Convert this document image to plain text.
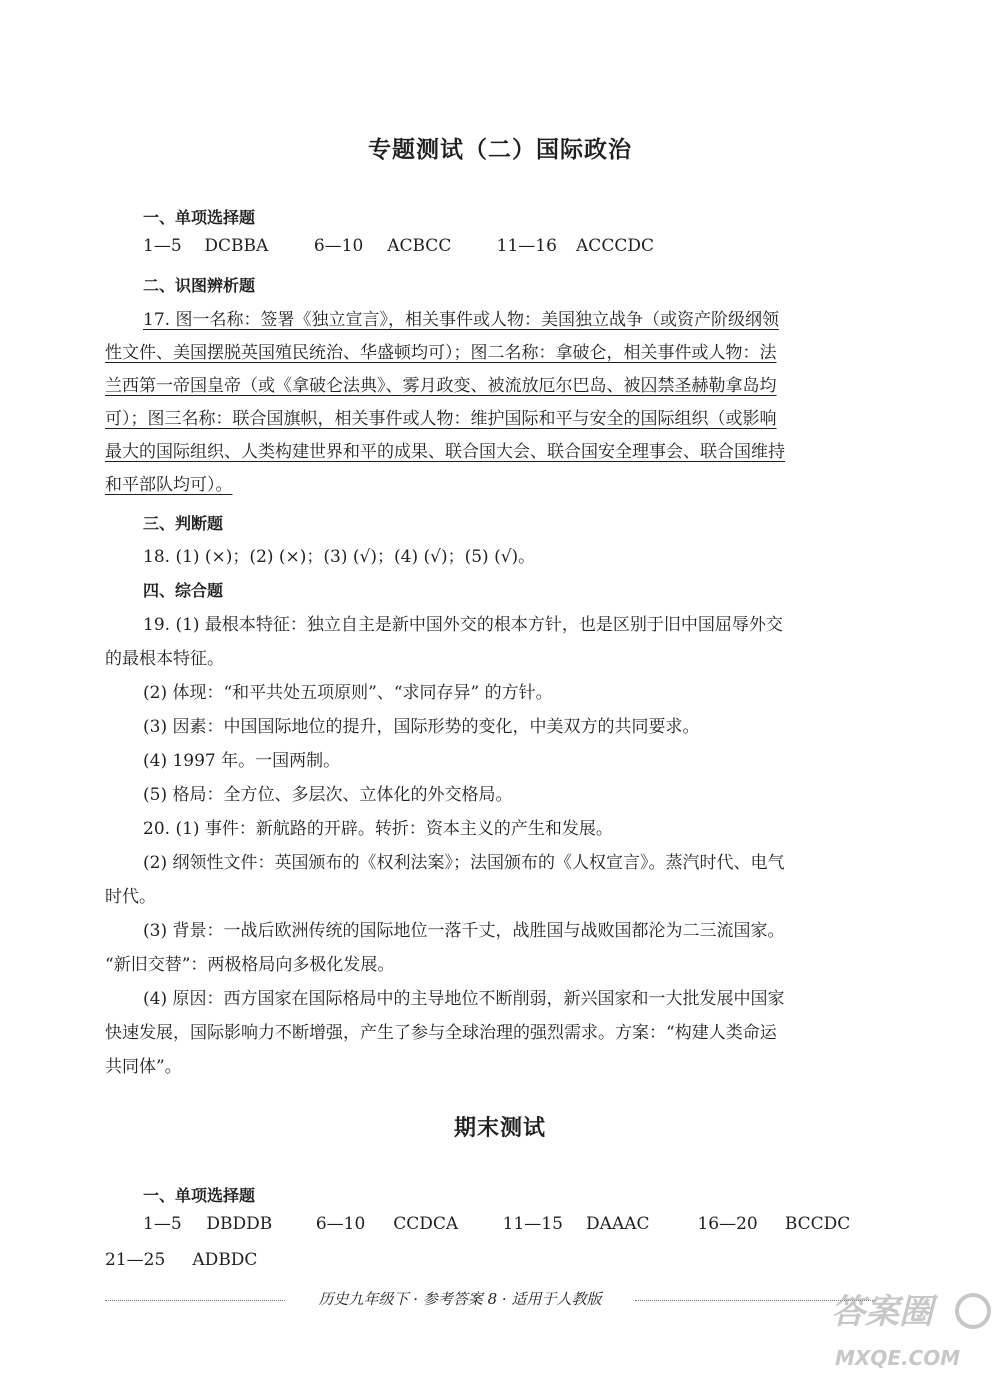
专题测试（二）国际政治
一、单项选择题
1—5 DCBBA	6—10 ACBCC	11—16 ACCCDC
二、识图辨析题
17. 图一名称：签署《独立宣言》，相关事件或人物：美国独立战争（或资产阶级纲领
性文件、美国摆脱英国殖民统治、华盛顿均可）；图二名称：拿破仑，相关事件或人物：法
兰西第一帝国皇帝（或《拿破仑法典》、雾月政变、被流放厄尔巴岛、被囚禁圣赫勒拿岛均
可）；图三名称：联合国旗帜，相关事件或人物：维护国际和平与安全的国际组织（或影响
最大的国际组织、人类构建世界和平的成果、联合国大会、联合国安全理事会、联合国维持
和平部队均可）。
三、判断题
18. (1) (×)；(2) (×)；(3) (√)；(4) (√)；(5) (√)。
四、综合题
19. (1) 最根本特征：独立自主是新中国外交的根本方针，也是区别于旧中国屈辱外交
的最根本特征。
(2) 体现：“和平共处五项原则”、“求同存异” 的方针。
(3) 因素：中国国际地位的提升，国际形势的变化，中美双方的共同要求。
(4) 1997 年。一国两制。
(5) 格局：全方位、多层次、立体化的外交格局。
20. (1) 事件：新航路的开辟。转折：资本主义的产生和发展。
(2) 纲领性文件：英国颁布的《权利法案》；法国颁布的《人权宣言》。蒸汽时代、电气
时代。
(3) 背景：一战后欧洲传统的国际地位一落千丈，战胜国与战败国都沦为二三流国家。
“新旧交替”：两极格局向多极化发展。
(4) 原因：西方国家在国际格局中的主导地位不断削弱，新兴国家和一大批发展中国家
快速发展，国际影响力不断增强，产生了参与全球治理的强烈需求。方案：“构建人类命运
共同体”。
期末测试
一、单项选择题
1—5 DBDDB	6—10 CCDCA	11—15 DAAAC	16—20 BCCDC
21—25 ADBDC
历史九年级下 · 参考答案 8 · 适用于人教版	答案圈
MXQE.COM
